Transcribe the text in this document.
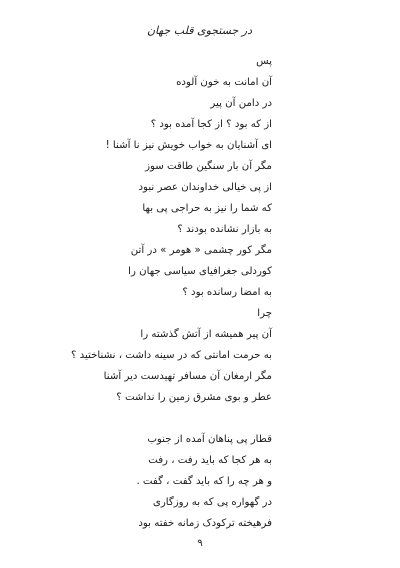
در جستجوی قلب جهان
پس
آن امانت به خون آلوده
در دامن آن پیر
از که بود ؟ از کجا آمده بود ؟
ای آشنایان به خواب خویش نیز نا آشنا !
مگر آن بار سنگین طاقت سوز
از پی خیالی خداوندان عصر نبود
که شما را نیز به حراجی پی بها
به بازار نشانده بودند ؟
مگر کور چشمی « هومر » در آتن
کوردلی جغرافیای سیاسی جهان را
به امضا رسانده بود ؟
چرا
آن پیر همیشه از آتش گذشته را
به حرمت امانتی که در سینه داشت ، نشناختید ؟
مگر ارمغان آن مسافر تهیدست دیر آشنا
عطر و بوی مشرق زمین را نداشت ؟
قطار پی پناهان آمده از جنوب
به هر کجا که باید رفت ، رفت
و هر چه را که باید گفت ، گفت .
در گهواره پی که به روزگاری
فرهیخته ترکودک زمانه خفته بود
۹
